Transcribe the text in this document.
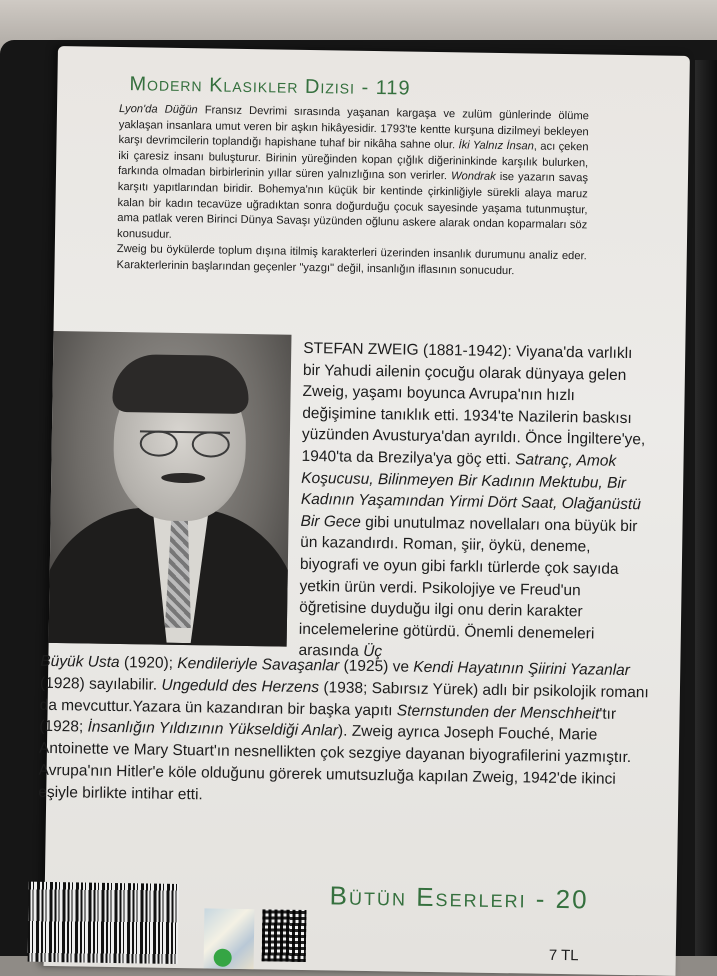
Modern Klasikler Dizisi - 119

Lyon'da Düğün Fransız Devrimi sırasında yaşanan kargaşa ve zulüm günlerinde ölüme yaklaşan insanlara umut veren bir aşkın hikâyesidir. 1793'te kentte kurşuna dizilmeyi bekleyen karşı devrimcilerin toplandığı hapishane tuhaf bir nikâha sahne olur. İki Yalnız İnsan, acı çeken iki çaresiz insanı buluşturur. Birinin yüreğinden kopan çığlık diğerininkinde karşılık bulurken, farkında olmadan birbirlerinin yıllar süren yalnızlığına son verirler. Wondrak ise yazarın savaş karşıtı yapıtlarından biridir. Bohemya'nın küçük bir kentinde çirkinliğiyle sürekli alaya maruz kalan bir kadın tecavüze uğradıktan sonra doğurduğu çocuk sayesinde yaşama tutunmuştur, ama patlak veren Birinci Dünya Savaşı yüzünden oğlunu askere alarak ondan koparmaları söz konusudur.

Zweig bu öykülerde toplum dışına itilmiş karakterleri üzerinden insanlık durumunu analiz eder. Karakterlerinin başlarından geçenler "yazgı" değil, insanlığın iflasının sonucudur.

STEFAN ZWEIG (1881-1942): Viyana'da varlıklı bir Yahudi ailenin çocuğu olarak dünyaya gelen Zweig, yaşamı boyunca Avrupa'nın hızlı değişimine tanıklık etti. 1934'te Nazilerin baskısı yüzünden Avusturya'dan ayrıldı. Önce İngiltere'ye, 1940'ta da Brezilya'ya göç etti. Satranç, Amok Koşucusu, Bilinmeyen Bir Kadının Mektubu, Bir Kadının Yaşamından Yirmi Dört Saat, Olağanüstü Bir Gece gibi unutulmaz novellaları ona büyük bir ün kazandırdı. Roman, şiir, öykü, deneme, biyografi ve oyun gibi farklı türlerde çok sayıda yetkin ürün verdi. Psikolojiye ve Freud'un öğretisine duyduğu ilgi onu derin karakter incelemelerine götürdü. Önemli denemeleri arasında Üç

Büyük Usta (1920); Kendileriyle Savaşanlar (1925) ve Kendi Hayatının Şiirini Yazanlar (1928) sayılabilir. Ungeduld des Herzens (1938; Sabırsız Yürek) adlı bir psikolojik romanı da mevcuttur.Yazara ün kazandıran bir başka yapıtı Sternstunden der Menschheit'tır (1928; İnsanlığın Yıldızının Yükseldiği Anlar). Zweig ayrıca Joseph Fouché, Marie Antoinette ve Mary Stuart'ın nesnellikten çok sezgiye dayanan biyografilerini yazmıştır. Avrupa'nın Hitler'e köle olduğunu görerek umutsuzluğa kapılan Zweig, 1942'de ikinci eşiyle birlikte intihar etti.

Bütün Eserleri - 20
7 TL
